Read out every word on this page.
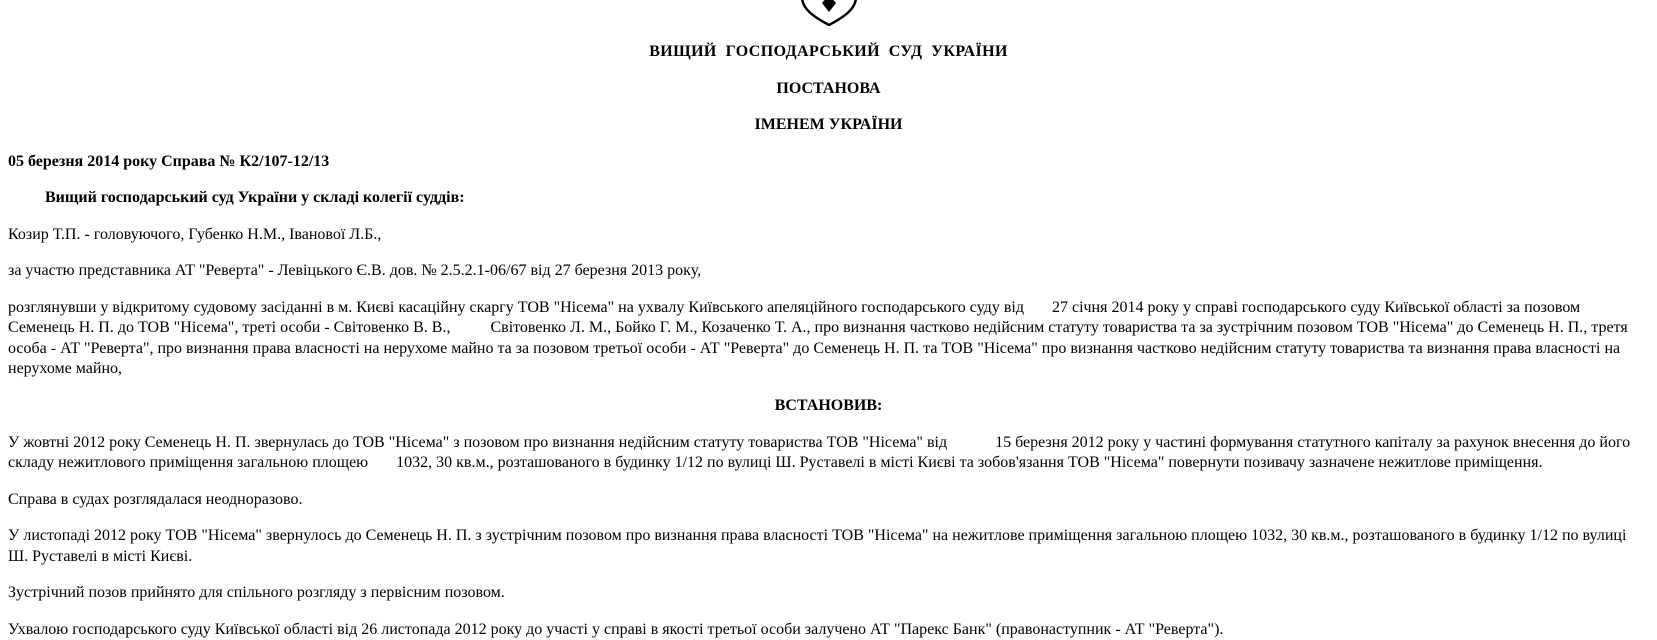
ВИЩИЙ  ГОСПОДАРСЬКИЙ  СУД  УКРАЇНИ

ПОСТАНОВА

ІМЕНЕМ УКРАЇНИ

05 березня 2014 року Справа № К2/107-12/13

Вищий господарський суд України у складі колегії суддів:

Козир Т.П. - головуючого, Губенко Н.М., Іванової Л.Б.,

за участю представника АТ "Реверта" - Левіцького Є.В. дов. № 2.5.2.1-06/67 від 27 березня 2013 року,

розглянувши у відкритому судовому засіданні в м. Києві касаційну скаргу ТОВ "Нісема" на ухвалу Київського апеляційного господарського суду від       27 січня 2014 року у справі господарського суду Київської області за позовом Семенець Н. П. до ТОВ "Нісема", треті особи - Світовенко В. В.,          Світовенко Л. М., Бойко Г. М., Козаченко Т. А., про визнання частково недійсним статуту товариства та за зустрічним позовом ТОВ "Нісема" до Семенець Н. П., третя особа - АТ "Реверта", про визнання права власності на нерухоме майно та за позовом третьої особи - АТ "Реверта" до Семенець Н. П. та ТОВ "Нісема" про визнання частково недійсним статуту товариства та визнання права власності на нерухоме майно,

ВСТАНОВИВ:

У жовтні 2012 року Семенець Н. П. звернулась до ТОВ "Нісема" з позовом про визнання недійсним статуту товариства ТОВ "Нісема" від            15 березня 2012 року у частині формування статутного капіталу за рахунок внесення до його складу нежитлового приміщення загальною площею       1032, 30 кв.м., розташованого в будинку 1/12 по вулиці Ш. Руставелі в місті Києві та зобов'язання ТОВ "Нісема" повернути позивачу зазначене нежитлове приміщення.

Справа в судах розглядалася неодноразово.

У листопаді 2012 року ТОВ "Нісема" звернулось до Семенець Н. П. з зустрічним позовом про визнання права власності ТОВ "Нісема" на нежитлове приміщення загальною площею 1032, 30 кв.м., розташованого в будинку 1/12 по вулиці Ш. Руставелі в місті Києві.

Зустрічний позов прийнято для спільного розгляду з первісним позовом.

Ухвалою господарського суду Київської області від 26 листопада 2012 року до участі у справі в якості третьої особи залучено АТ "Парекс Банк" (правонаступник - АТ "Реверта").
